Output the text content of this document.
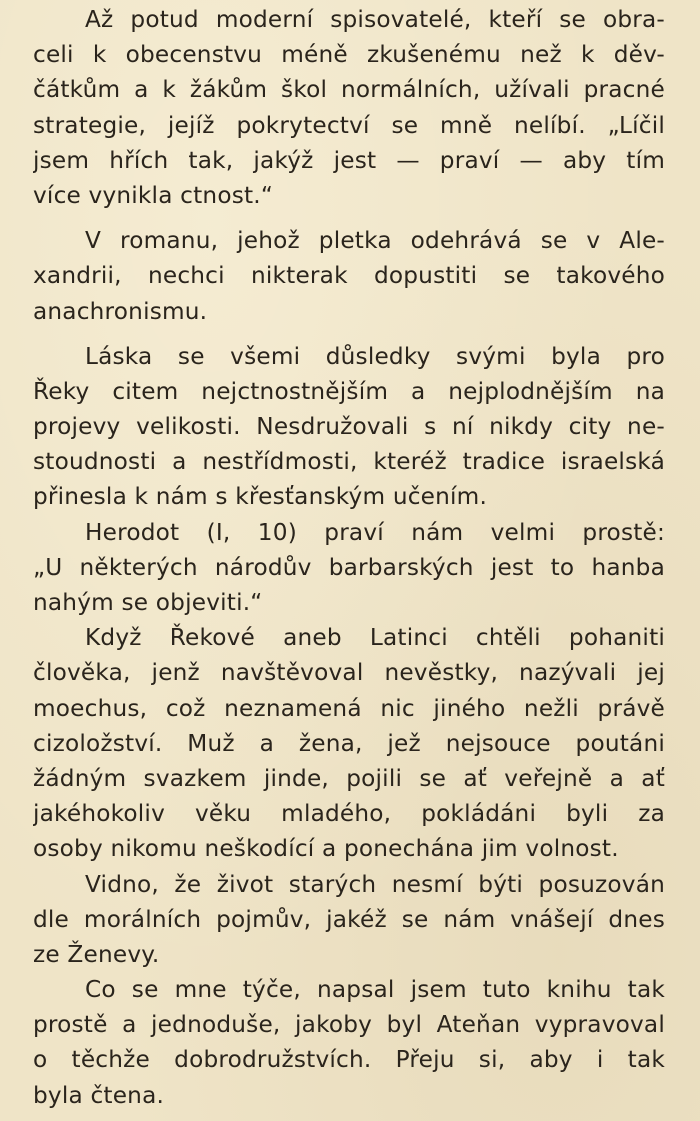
Až potud moderní spisovatelé, kteří se obra-
celi k obecenstvu méně zkušenému než k děv-
čátkům a k žákům škol normálních, užívali pracné
strategie, jejíž pokrytectví se mně nelíbí. „Líčil
jsem hřích tak, jakýž jest — praví — aby tím
více vynikla ctnost.“
V romanu, jehož pletka odehrává se v Ale-
xandrii, nechci nikterak dopustiti se takového
anachronismu.
Láska se všemi důsledky svými byla pro
Řeky citem nejctnostnějším a nejplodnějším na
projevy velikosti. Nesdružovali s ní nikdy city ne-
stoudnosti a nestřídmosti, kteréž tradice israelská
přinesla k nám s křesťanským učením.
Herodot (I, 10) praví nám velmi prostě:
„U některých národův barbarských jest to hanba
nahým se objeviti.“
Když Řekové aneb Latinci chtěli pohaniti
člověka, jenž navštěvoval nevěstky, nazývali jej
moechus, což neznamená nic jiného nežli právě
cizoložství. Muž a žena, jež nejsouce poutáni
žádným svazkem jinde, pojili se ať veřejně a ať
jakéhokoliv věku mladého, pokládáni byli za
osoby nikomu neškodící a ponechána jim volnost.
Vidno, že život starých nesmí býti posuzován
dle morálních pojmův, jakéž se nám vnášejí dnes
ze Ženevy.
Co se mne týče, napsal jsem tuto knihu tak
prostě a jednoduše, jakoby byl Ateňan vypravoval
o těchže dobrodružstvích. Přeju si, aby i tak
byla čtena.
